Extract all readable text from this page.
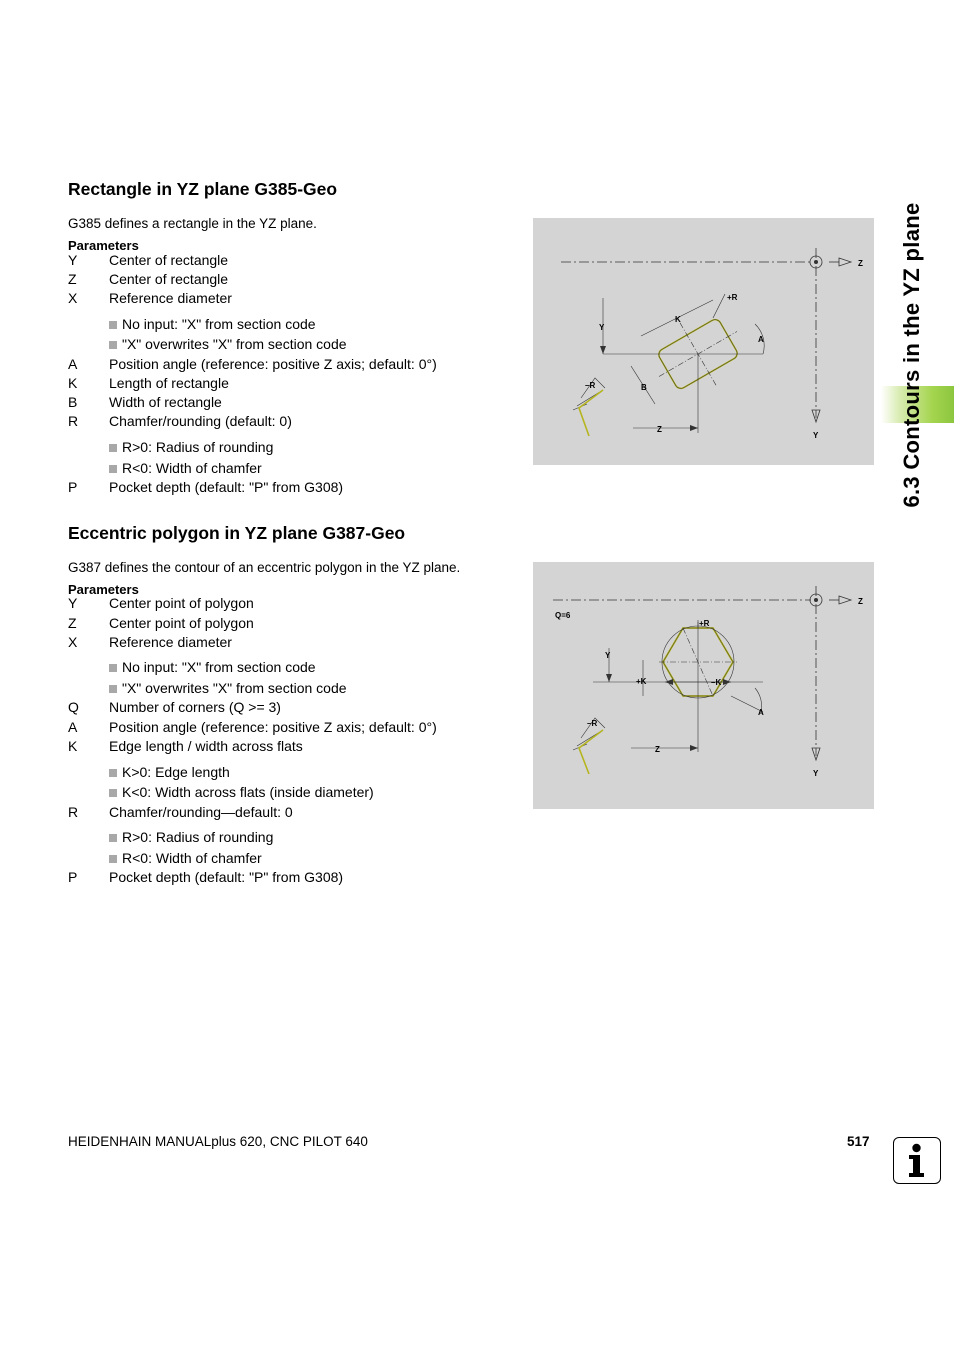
6.3 Contours in the YZ plane
Rectangle in YZ plane G385-Geo
G385 defines a rectangle in the YZ plane.
Parameters
Y Center of rectangle
Z Center of rectangle
X Reference diameter
No input: "X" from section code
"X" overwrites "X" from section code
A Position angle (reference: positive Z axis; default: 0°)
K Length of rectangle
B Width of rectangle
R Chamfer/rounding (default: 0)
R>0: Radius of rounding
R<0: Width of chamfer
P Pocket depth (default: "P" from G308)
Z
Y
Y
Z
K
+R
A
B
–R
Eccentric polygon in YZ plane G387-Geo
G387 defines the contour of an eccentric polygon in the YZ plane.
Parameters
Y Center point of polygon
Z Center point of polygon
X Reference diameter
No input: "X" from section code
"X" overwrites "X" from section code
Q Number of corners (Q >= 3)
A Position angle (reference: positive Z axis; default: 0°)
K Edge length / width across flats
K>0: Edge length
K<0: Width across flats (inside diameter)
R Chamfer/rounding—default: 0
R>0: Radius of rounding
R<0: Width of chamfer
P Pocket depth (default: "P" from G308)
Z
Y
Q=6
+R
+K	–K
Y
Z
A
–R
HEIDENHAIN MANUALplus 620, CNC PILOT 640	517
